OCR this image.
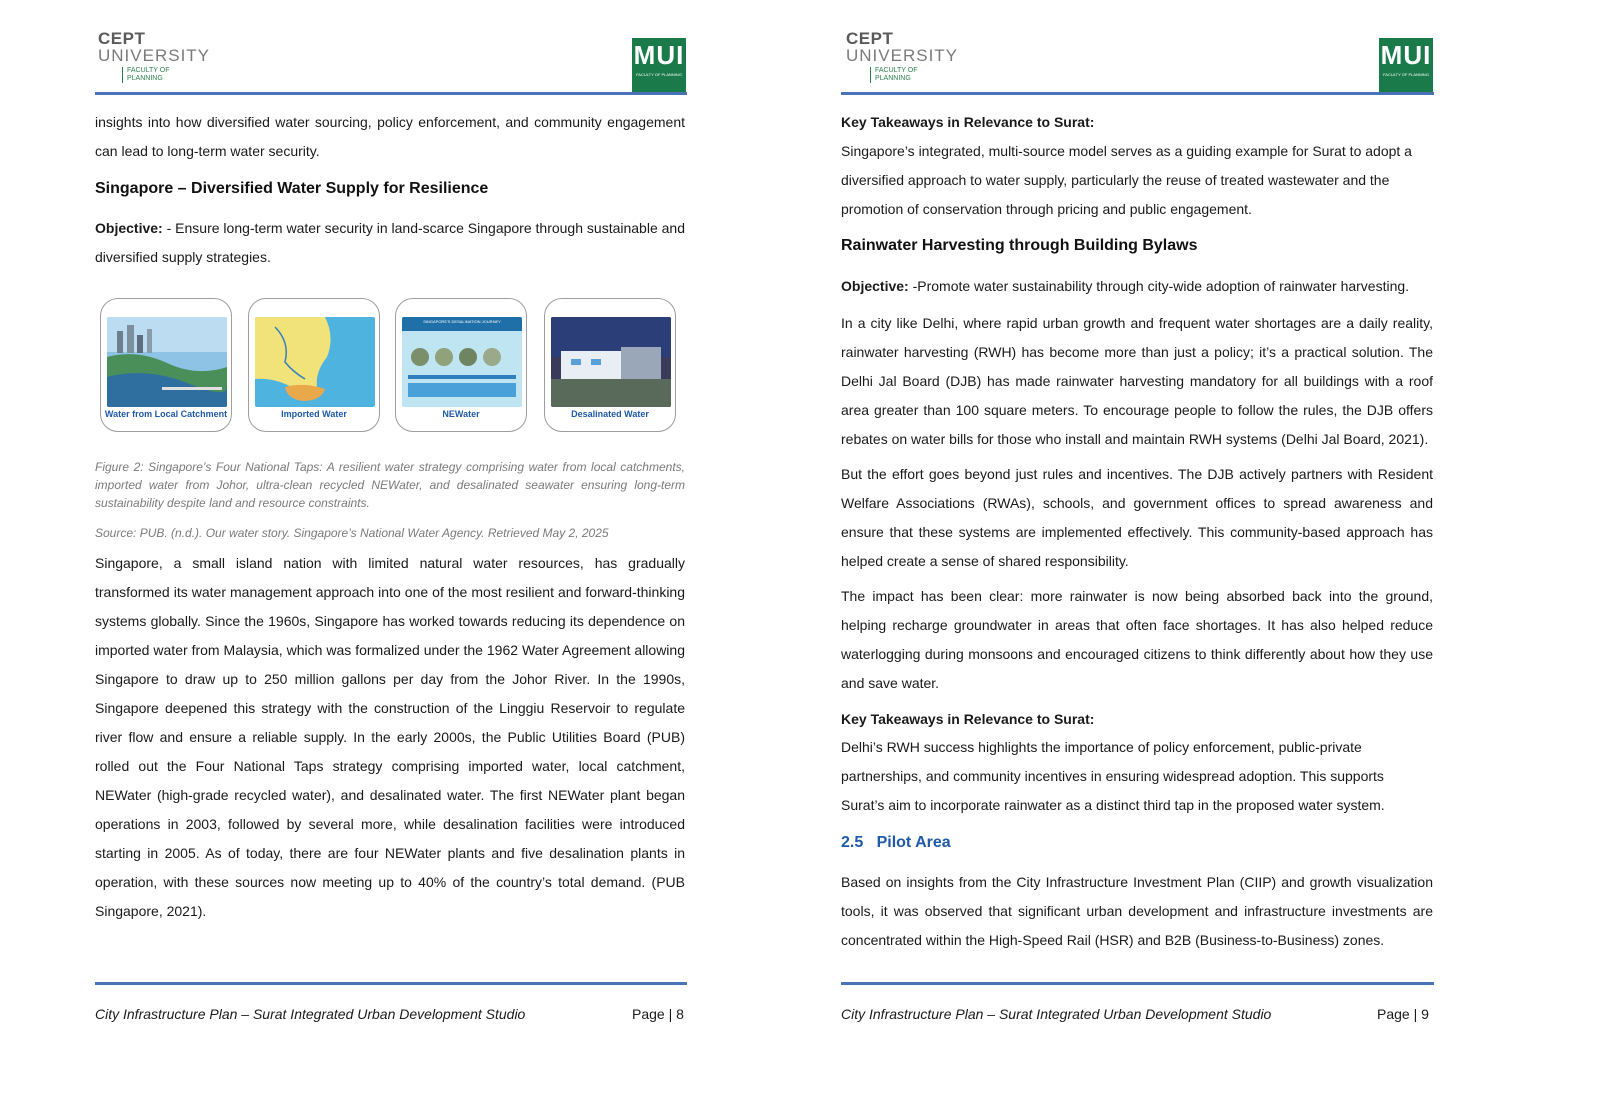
CEPT
UNIVERSITY
FACULTY OF PLANNING
MUI
FACULTY OF PLANNING
insights into how diversified water sourcing, policy enforcement, and community engagement can lead to long-term water security.
Singapore – Diversified Water Supply for Resilience
Objective: - Ensure long-term water security in land-scarce Singapore through sustainable and diversified supply strategies.
Water from Local Catchment	Imported Water
SINGAPORE'S DESALINATION JOURNEY
NEWater	Desalinated Water
Figure 2: Singapore’s Four National Taps: A resilient water strategy comprising water from local catchments, imported water from Johor, ultra-clean recycled NEWater, and desalinated seawater ensuring long-term sustainability despite land and resource constraints.
Source: PUB. (n.d.). Our water story. Singapore’s National Water Agency. Retrieved May 2, 2025
Singapore, a small island nation with limited natural water resources, has gradually transformed its water management approach into one of the most resilient and forward-thinking systems globally. Since the 1960s, Singapore has worked towards reducing its dependence on imported water from Malaysia, which was formalized under the 1962 Water Agreement allowing Singapore to draw up to 250 million gallons per day from the Johor River. In the 1990s, Singapore deepened this strategy with the construction of the Linggiu Reservoir to regulate river flow and ensure a reliable supply. In the early 2000s, the Public Utilities Board (PUB) rolled out the Four National Taps strategy comprising imported water, local catchment, NEWater (high-grade recycled water), and desalinated water. The first NEWater plant began operations in 2003, followed by several more, while desalination facilities were introduced starting in 2005. As of today, there are four NEWater plants and five desalination plants in operation, with these sources now meeting up to 40% of the country’s total demand. (PUB Singapore, 2021).
City Infrastructure Plan – Surat Integrated Urban Development Studio	Page | 8
CEPT
UNIVERSITY
FACULTY OF PLANNING
MUI
FACULTY OF PLANNING
Key Takeaways in Relevance to Surat:
Singapore’s integrated, multi-source model serves as a guiding example for Surat to adopt a diversified approach to water supply, particularly the reuse of treated wastewater and the promotion of conservation through pricing and public engagement.
Rainwater Harvesting through Building Bylaws
Objective: -Promote water sustainability through city-wide adoption of rainwater harvesting.
In a city like Delhi, where rapid urban growth and frequent water shortages are a daily reality, rainwater harvesting (RWH) has become more than just a policy; it’s a practical solution. The Delhi Jal Board (DJB) has made rainwater harvesting mandatory for all buildings with a roof area greater than 100 square meters. To encourage people to follow the rules, the DJB offers rebates on water bills for those who install and maintain RWH systems (Delhi Jal Board, 2021).
But the effort goes beyond just rules and incentives. The DJB actively partners with Resident Welfare Associations (RWAs), schools, and government offices to spread awareness and ensure that these systems are implemented effectively. This community-based approach has helped create a sense of shared responsibility.
The impact has been clear: more rainwater is now being absorbed back into the ground, helping recharge groundwater in areas that often face shortages. It has also helped reduce waterlogging during monsoons and encouraged citizens to think differently about how they use and save water.
Key Takeaways in Relevance to Surat:
Delhi’s RWH success highlights the importance of policy enforcement, public-private partnerships, and community incentives in ensuring widespread adoption. This supports Surat’s aim to incorporate rainwater as a distinct third tap in the proposed water system.
2.5 Pilot Area
Based on insights from the City Infrastructure Investment Plan (CIIP) and growth visualization tools, it was observed that significant urban development and infrastructure investments are concentrated within the High-Speed Rail (HSR) and B2B (Business-to-Business) zones.
City Infrastructure Plan – Surat Integrated Urban Development Studio	Page | 9
